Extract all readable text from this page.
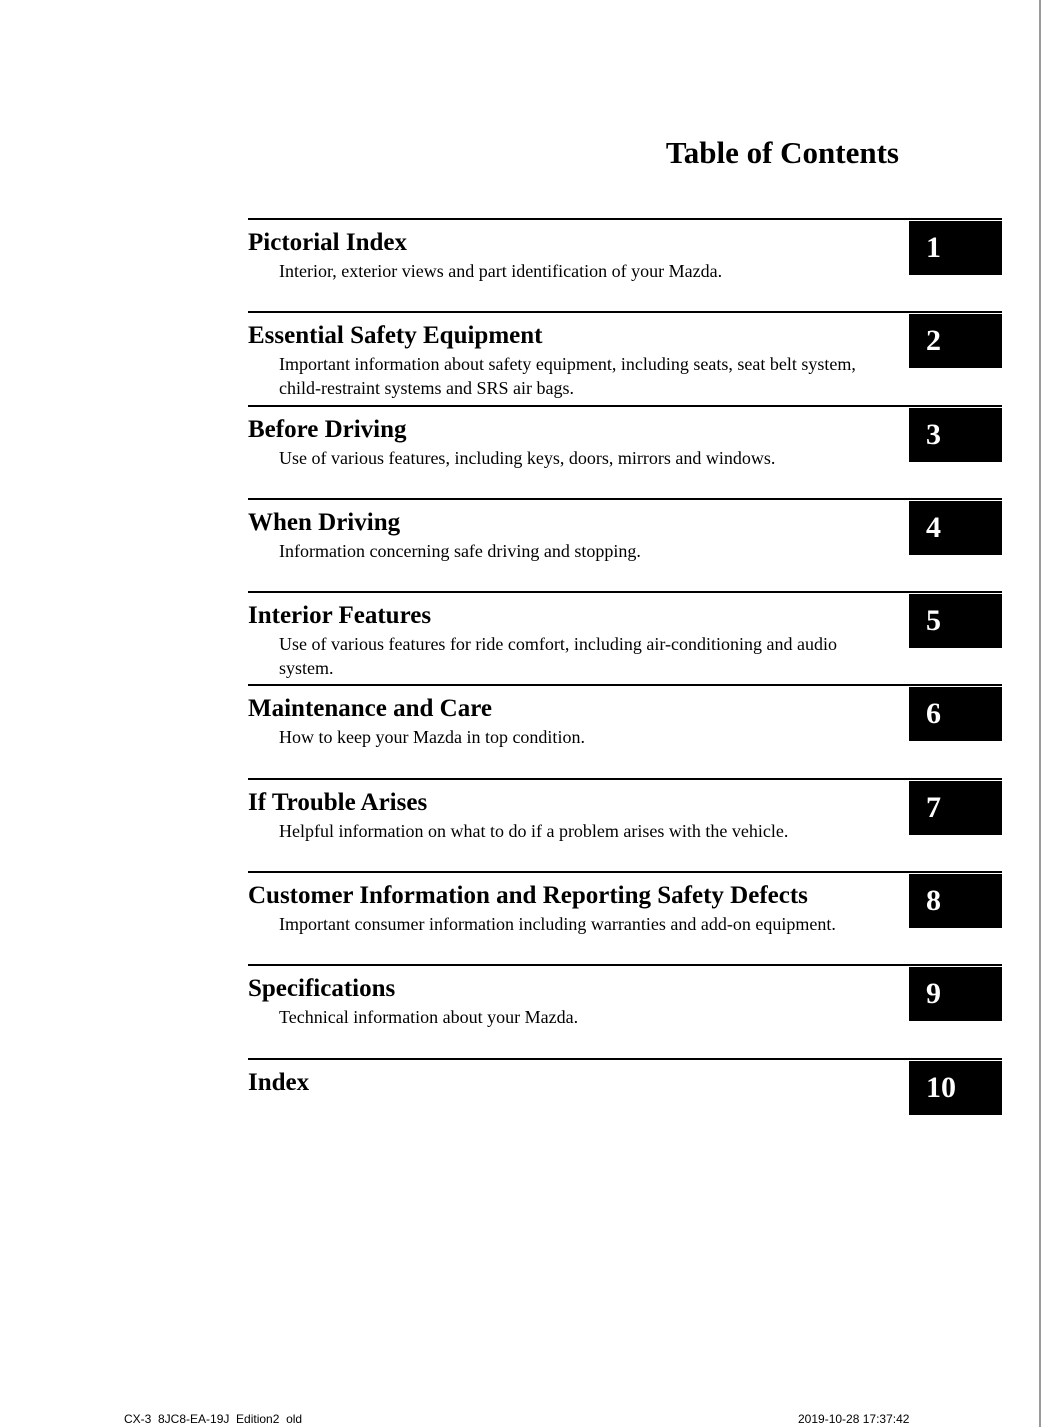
Table of Contents
Pictorial Index
Interior, exterior views and part identification of your Mazda.
1
Essential Safety Equipment
Important information about safety equipment, including seats, seat belt system, child-restraint systems and SRS air bags.
2
Before Driving
Use of various features, including keys, doors, mirrors and windows.
3
When Driving
Information concerning safe driving and stopping.
4
Interior Features
Use of various features for ride comfort, including air-conditioning and audio system.
5
Maintenance and Care
How to keep your Mazda in top condition.
6
If Trouble Arises
Helpful information on what to do if a problem arises with the vehicle.
7
Customer Information and Reporting Safety Defects
Important consumer information including warranties and add-on equipment.
8
Specifications
Technical information about your Mazda.
9
Index	10
CX-3  8JC8-EA-19J  Edition2  old	2019-10-28 17:37:42
